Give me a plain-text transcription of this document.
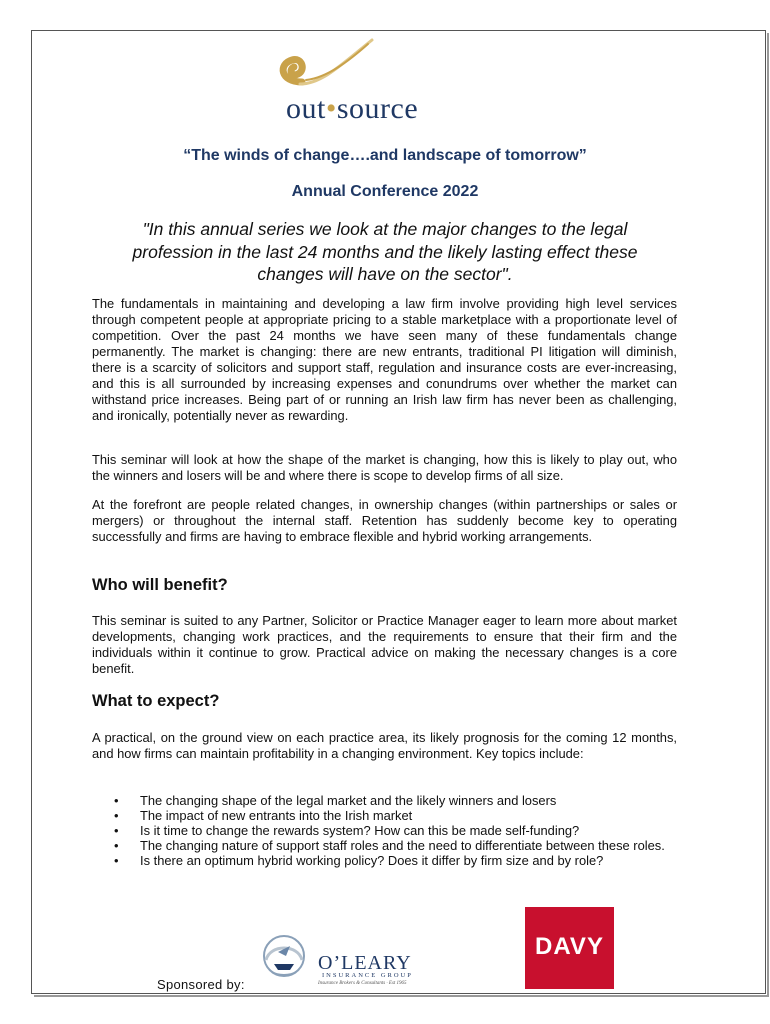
out•source
“The winds of change….and landscape of tomorrow”
Annual Conference 2022
"In this annual series we look at the major changes to the legal profession in the last 24 months and the likely lasting effect these changes will have on the sector".
The fundamentals in maintaining and developing a law firm involve providing high level services through competent people at appropriate pricing to a stable marketplace with a proportionate level of competition. Over the past 24 months we have seen many of these fundamentals change permanently. The market is changing: there are new entrants, traditional PI litigation will diminish, there is a scarcity of solicitors and support staff, regulation and insurance costs are ever-increasing, and this is all surrounded by increasing expenses and conundrums over whether the market can withstand price increases. Being part of or running an Irish law firm has never been as challenging, and ironically, potentially never as rewarding.
This seminar will look at how the shape of the market is changing, how this is likely to play out, who the winners and losers will be and where there is scope to develop firms of all size.
At the forefront are people related changes, in ownership changes (within partnerships or sales or mergers) or throughout the internal staff. Retention has suddenly become key to operating successfully and firms are having to embrace flexible and hybrid working arrangements.
Who will benefit?
This seminar is suited to any Partner, Solicitor or Practice Manager eager to learn more about market developments, changing work practices, and the requirements to ensure that their firm and the individuals within it continue to grow. Practical advice on making the necessary changes is a core benefit.
What to expect?
A practical, on the ground view on each practice area, its likely prognosis for the coming 12 months, and how firms can maintain profitability in a changing environment. Key topics include:
• The changing shape of the legal market and the likely winners and losers
• The impact of new entrants into the Irish market
• Is it time to change the rewards system? How can this be made self-funding?
• The changing nature of support staff roles and the need to differentiate between these roles.
• Is there an optimum hybrid working policy? Does it differ by firm size and by role?
Sponsored by:
O’LEARY
INSURANCE GROUP
Insurance Brokers & Consultants · Est 1965
DAVY
